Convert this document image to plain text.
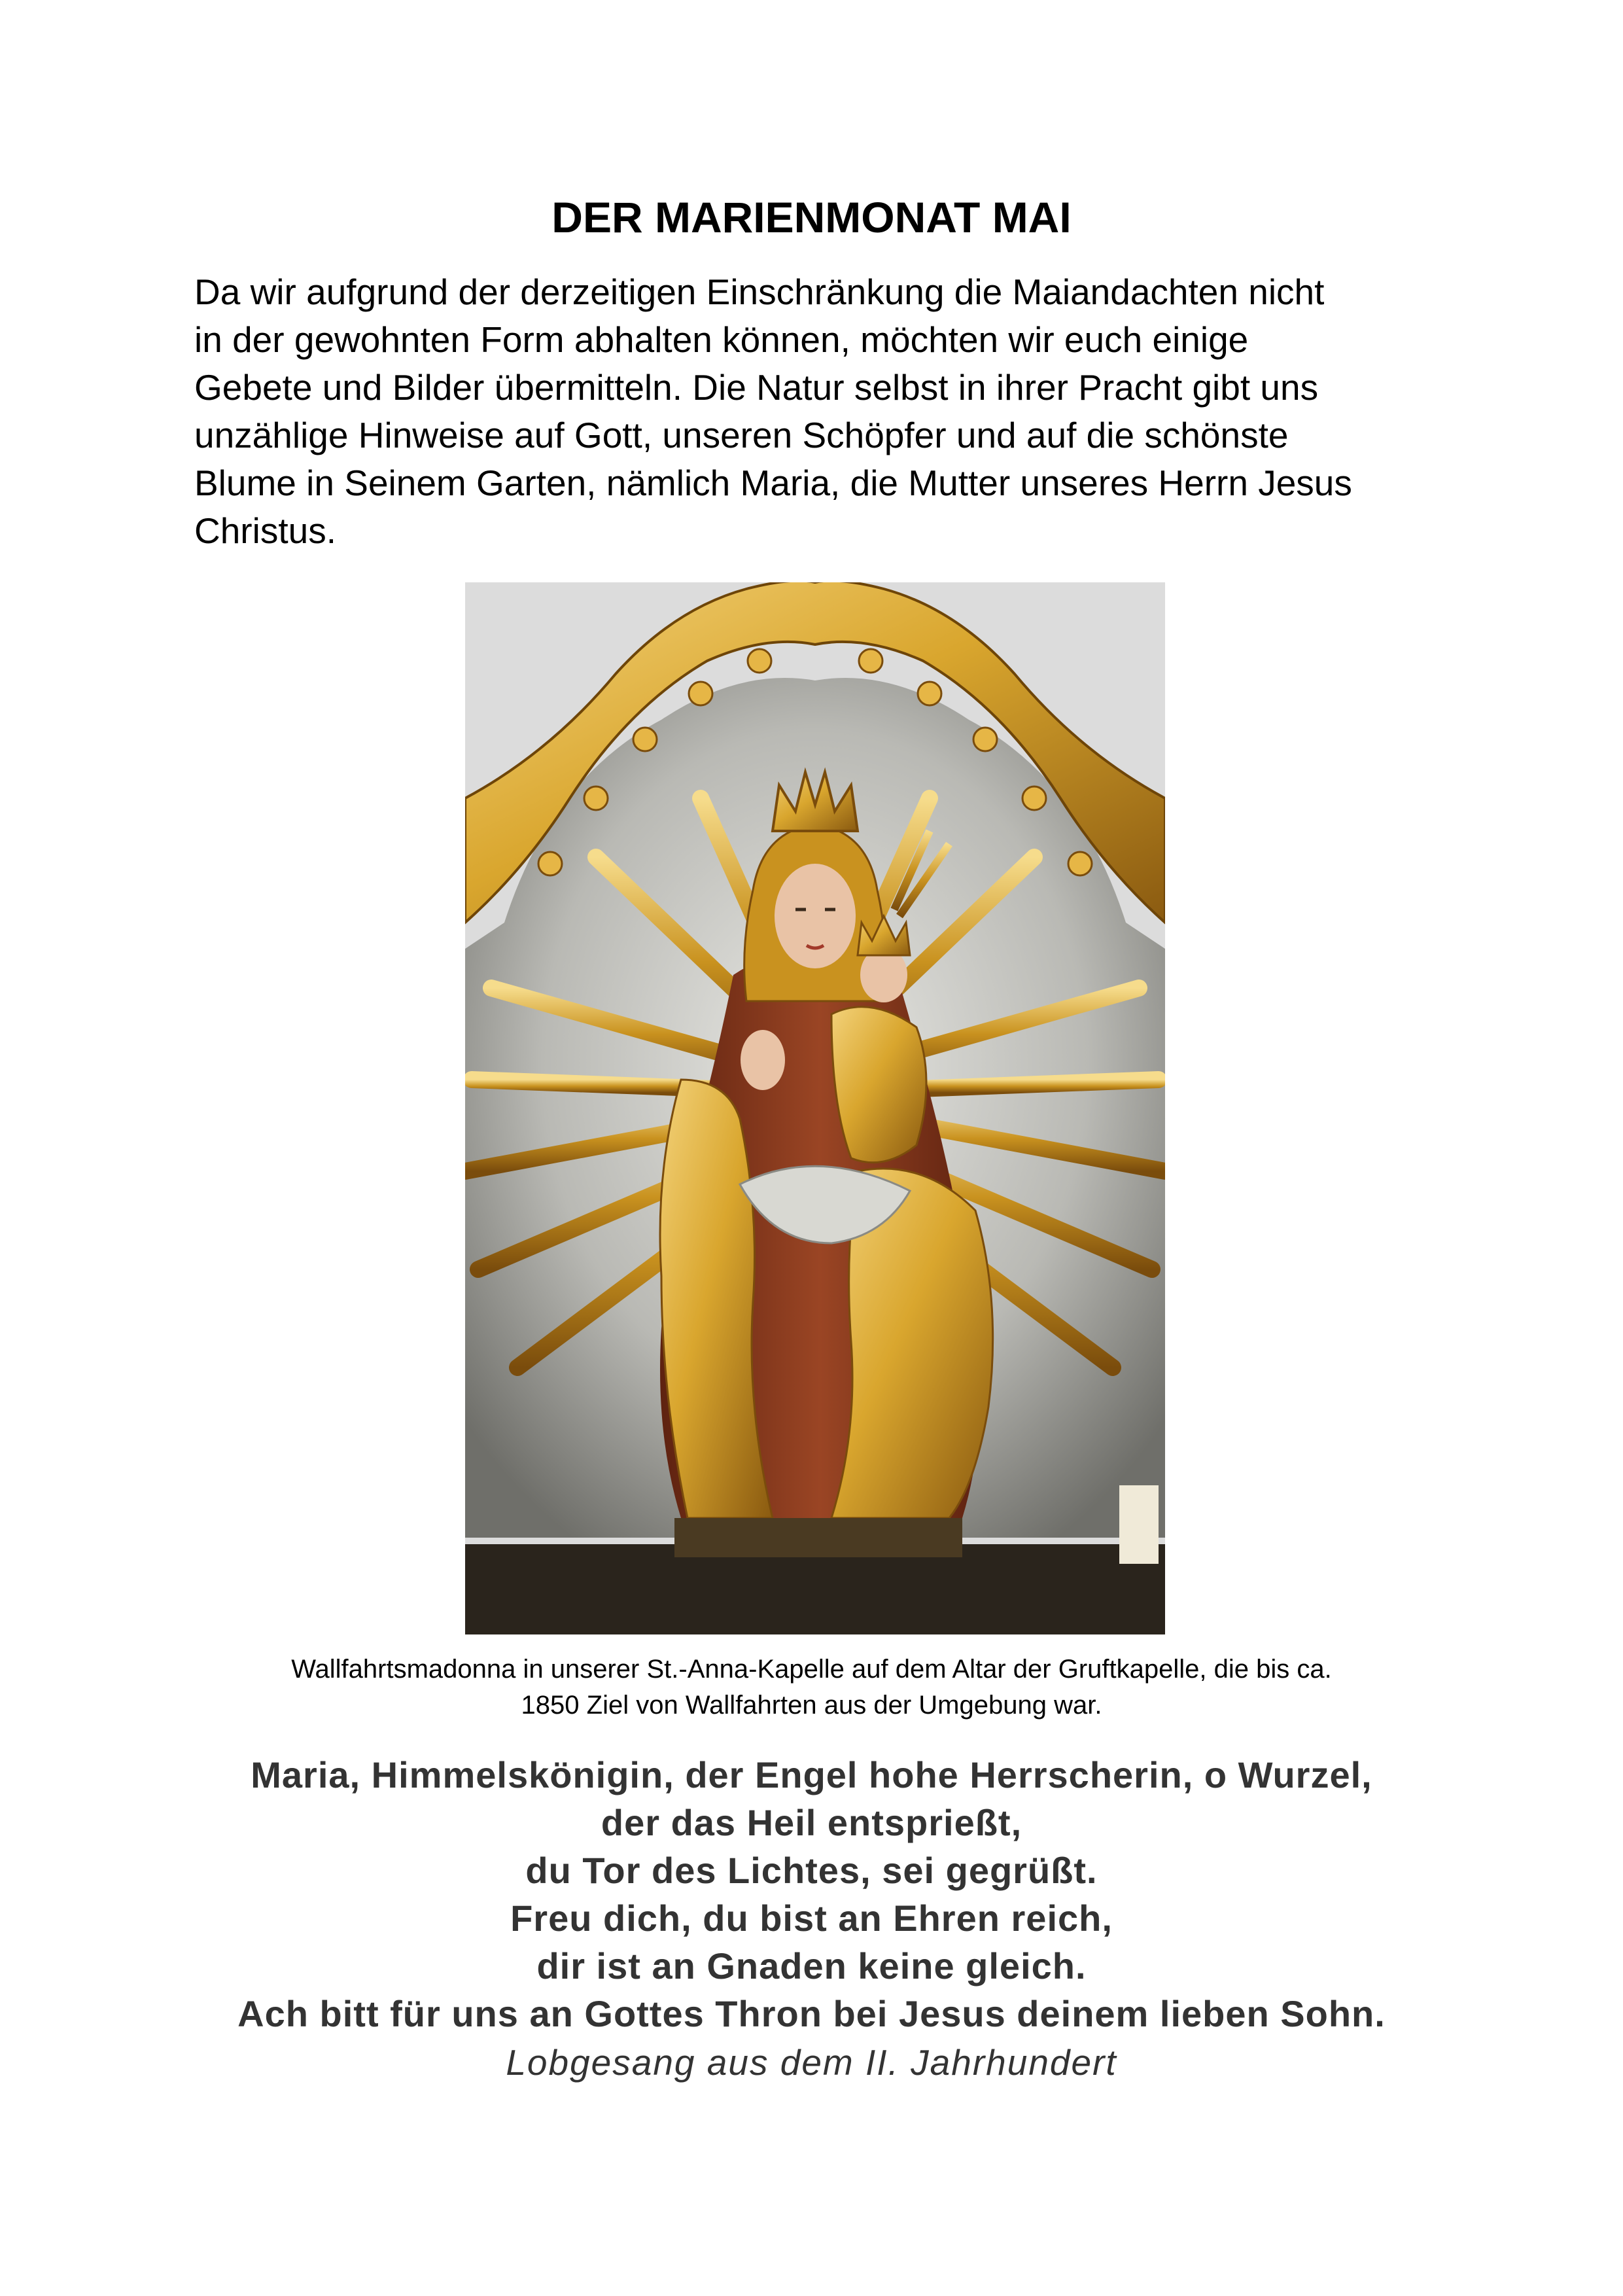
DER MARIENMONAT MAI
Da wir aufgrund der derzeitigen Einschränkung die Maiandachten nicht
in der gewohnten Form abhalten können, möchten wir euch einige
Gebete und Bilder übermitteln. Die Natur selbst in ihrer Pracht gibt uns
unzählige Hinweise auf Gott, unseren Schöpfer und auf die schönste
Blume in Seinem Garten, nämlich Maria, die Mutter unseres Herrn Jesus
Christus.
Wallfahrtsmadonna in unserer St.-Anna-Kapelle auf dem Altar der Gruftkapelle, die bis ca.
1850 Ziel von Wallfahrten aus der Umgebung war.
Maria, Himmelskönigin, der Engel hohe Herrscherin, o Wurzel,
der das Heil entsprießt,
du Tor des Lichtes, sei gegrüßt.
Freu dich, du bist an Ehren reich,
dir ist an Gnaden keine gleich.
Ach bitt für uns an Gottes Thron bei Jesus deinem lieben Sohn.
Lobgesang aus dem II. Jahrhundert
